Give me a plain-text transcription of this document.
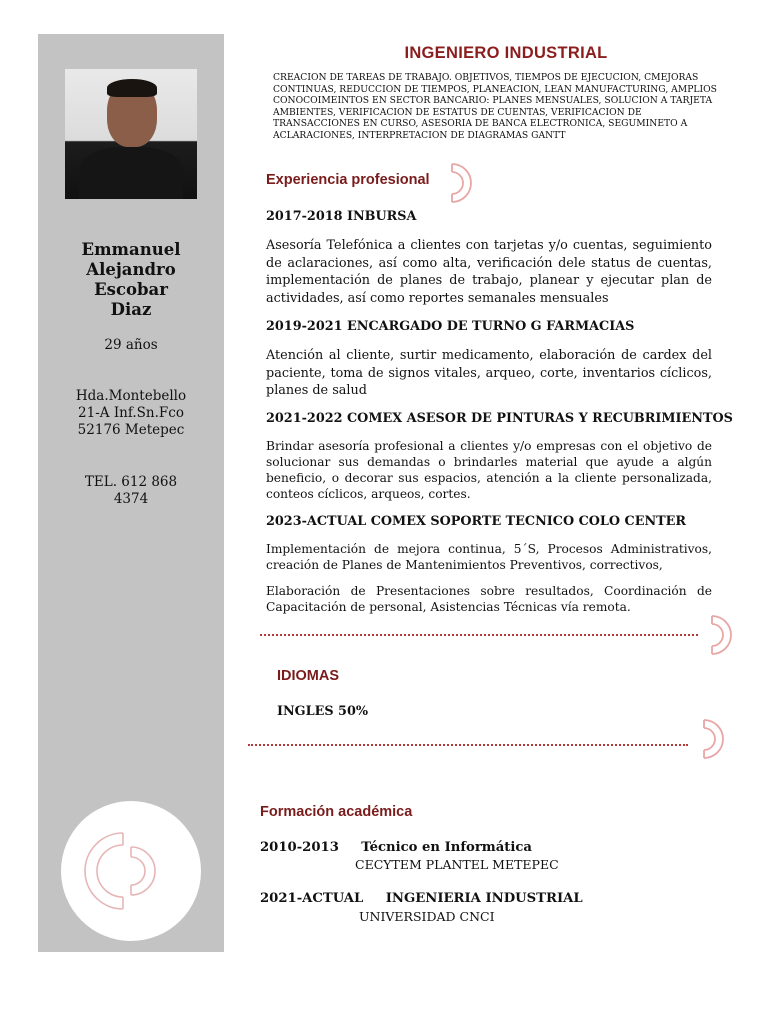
Emmanuel
Alejandro
Escobar
Diaz
29 años
Hda.Montebello
21-A Inf.Sn.Fco
52176 Metepec
TEL. 612 868
4374
INGENIERO INDUSTRIAL
CREACION DE TAREAS DE TRABAJO. OBJETIVOS, TIEMPOS DE EJECUCION, CMEJORAS
CONTINUAS, REDUCCION DE TIEMPOS, PLANEACION, LEAN MANUFACTURING, AMPLIOS
CONOCOIMEINTOS EN SECTOR BANCARIO: PLANES MENSUALES, SOLUCION A TARJETA
AMBIENTES, VERIFICACION DE ESTATUS DE CUENTAS, VERIFICACION DE
TRANSACCIONES EN CURSO, ASESORIA DE BANCA ELECTRONICA, SEGUMINETO A
ACLARACIONES, INTERPRETACION DE DIAGRAMAS GANTT
Experiencia profesional
2017-2018 INBURSA
Asesoría Telefónica a clientes con tarjetas y/o cuentas, seguimiento de aclaraciones, así como alta, verificación dele status de cuentas, implementación de planes de trabajo, planear y ejecutar plan de actividades, así como reportes semanales mensuales
2019-2021 ENCARGADO DE TURNO G FARMACIAS
Atención al cliente, surtir medicamento, elaboración de cardex del paciente, toma de signos vitales, arqueo, corte, inventarios cíclicos, planes de salud
2021-2022 COMEX ASESOR DE PINTURAS Y RECUBRIMIENTOS
Brindar asesoría profesional a clientes y/o empresas con el objetivo de solucionar sus demandas o brindarles material que ayude a algún beneficio, o decorar sus espacios, atención a la cliente personalizada, conteos cíclicos, arqueos, cortes.
2023-ACTUAL COMEX SOPORTE TECNICO COLO CENTER
Implementación de mejora continua, 5´S, Procesos Administrativos, creación de Planes de Mantenimientos Preventivos, correctivos,
Elaboración de Presentaciones sobre resultados, Coordinación de Capacitación de personal, Asistencias Técnicas vía remota.
IDIOMAS
INGLES 50%
Formación académica
2010-2013 Técnico en Informática
CECYTEM PLANTEL METEPEC
2021-ACTUAL INGENIERIA INDUSTRIAL
UNIVERSIDAD CNCI
